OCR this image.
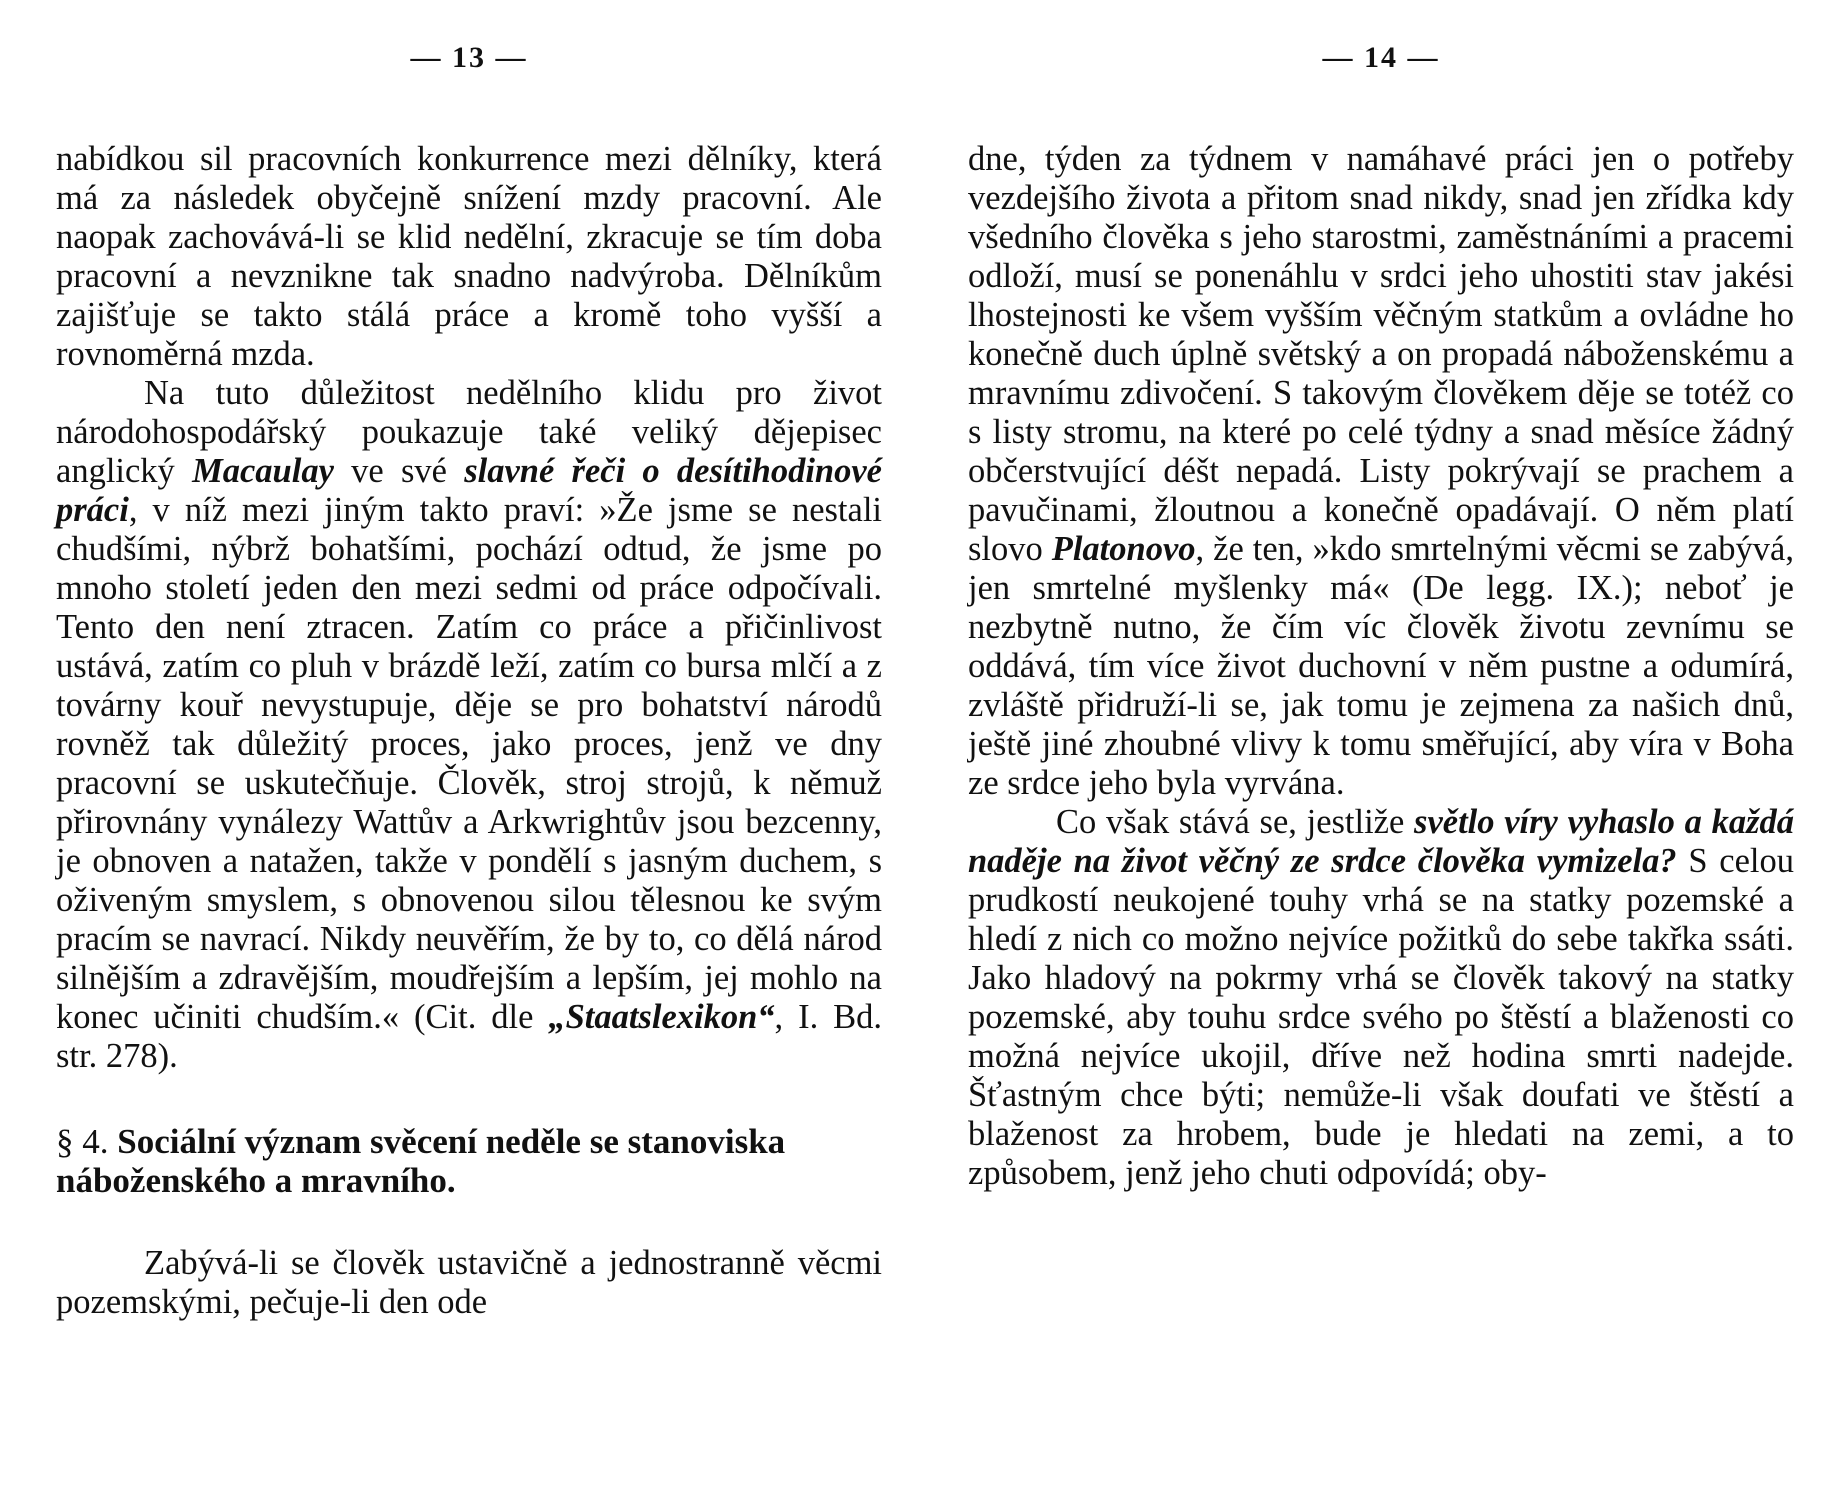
— 13 —

nabídkou sil pracovních konkurrence mezi dělníky, která má za následek obyčejně snížení mzdy pracovní. Ale naopak zachovává-li se klid nedělní, zkracuje se tím doba pracovní a nevznikne tak snadno nadvýroba. Dělníkům zajišťuje se takto stálá práce a kromě toho vyšší a rovnoměrná mzda.

Na tuto důležitost nedělního klidu pro život národohospodářský poukazuje také veliký dějepisec anglický Macaulay ve své slavné řeči o desítihodinové práci, v níž mezi jiným takto praví: »Že jsme se nestali chudšími, nýbrž bohatšími, pochází odtud, že jsme po mnoho století jeden den mezi sedmi od práce odpočívali. Tento den není ztracen. Zatím co práce a přičinlivost ustává, zatím co pluh v brázdě leží, zatím co bursa mlčí a z továrny kouř nevystupuje, děje se pro bohatství národů rovněž tak důležitý proces, jako proces, jenž ve dny pracovní se uskutečňuje. Člověk, stroj strojů, k němuž přirovnány vynálezy Wattův a Arkwrightův jsou bezcenny, je obnoven a natažen, takže v pondělí s jasným duchem, s oživeným smyslem, s obnovenou silou tělesnou ke svým pracím se navrací. Nikdy neuvěřím, že by to, co dělá národ silnějším a zdravějším, moudřejším a lepším, jej mohlo na konec učiniti chudším.« (Cit. dle „Staatslexikon“, I. Bd. str. 278).

§ 4. Sociální význam svěcení neděle se stanoviska náboženského a mravního.

Zabývá-li se člověk ustavičně a jednostranně věcmi pozemskými, pečuje-li den ode

— 14 —

dne, týden za týdnem v namáhavé práci jen o potřeby vezdejšího života a přitom snad nikdy, snad jen zřídka kdy všedního člověka s jeho starostmi, zaměstnáními a pracemi odloží, musí se ponenáhlu v srdci jeho uhostiti stav jakési lhostejnosti ke všem vyšším věčným statkům a ovládne ho konečně duch úplně světský a on propadá náboženskému a mravnímu zdivočení. S takovým člověkem děje se totéž co s listy stromu, na které po celé týdny a snad měsíce žádný občerstvující déšt nepadá. Listy pokrývají se prachem a pavučinami, žloutnou a konečně opadávají. O něm platí slovo Platonovo, že ten, »kdo smrtelnými věcmi se zabývá, jen smrtelné myšlenky má« (De legg. IX.); neboť je nezbytně nutno, že čím víc člověk životu zevnímu se oddává, tím více život duchovní v něm pustne a odumírá, zvláště přidruží-li se, jak tomu je zejmena za našich dnů, ještě jiné zhoubné vlivy k tomu směřující, aby víra v Boha ze srdce jeho byla vyrvána.

Co však stává se, jestliže světlo víry vyhaslo a každá naděje na život věčný ze srdce člověka vymizela? S celou prudkostí neukojené touhy vrhá se na statky pozemské a hledí z nich co možno nejvíce požitků do sebe takřka ssáti. Jako hladový na pokrmy vrhá se člověk takový na statky pozemské, aby touhu srdce svého po štěstí a blaženosti co možná nejvíce ukojil, dříve než hodina smrti nadejde. Šťastným chce býti; nemůže-li však doufati ve štěstí a blaženost za hrobem, bude je hledati na zemi, a to způsobem, jenž jeho chuti odpovídá; oby-
